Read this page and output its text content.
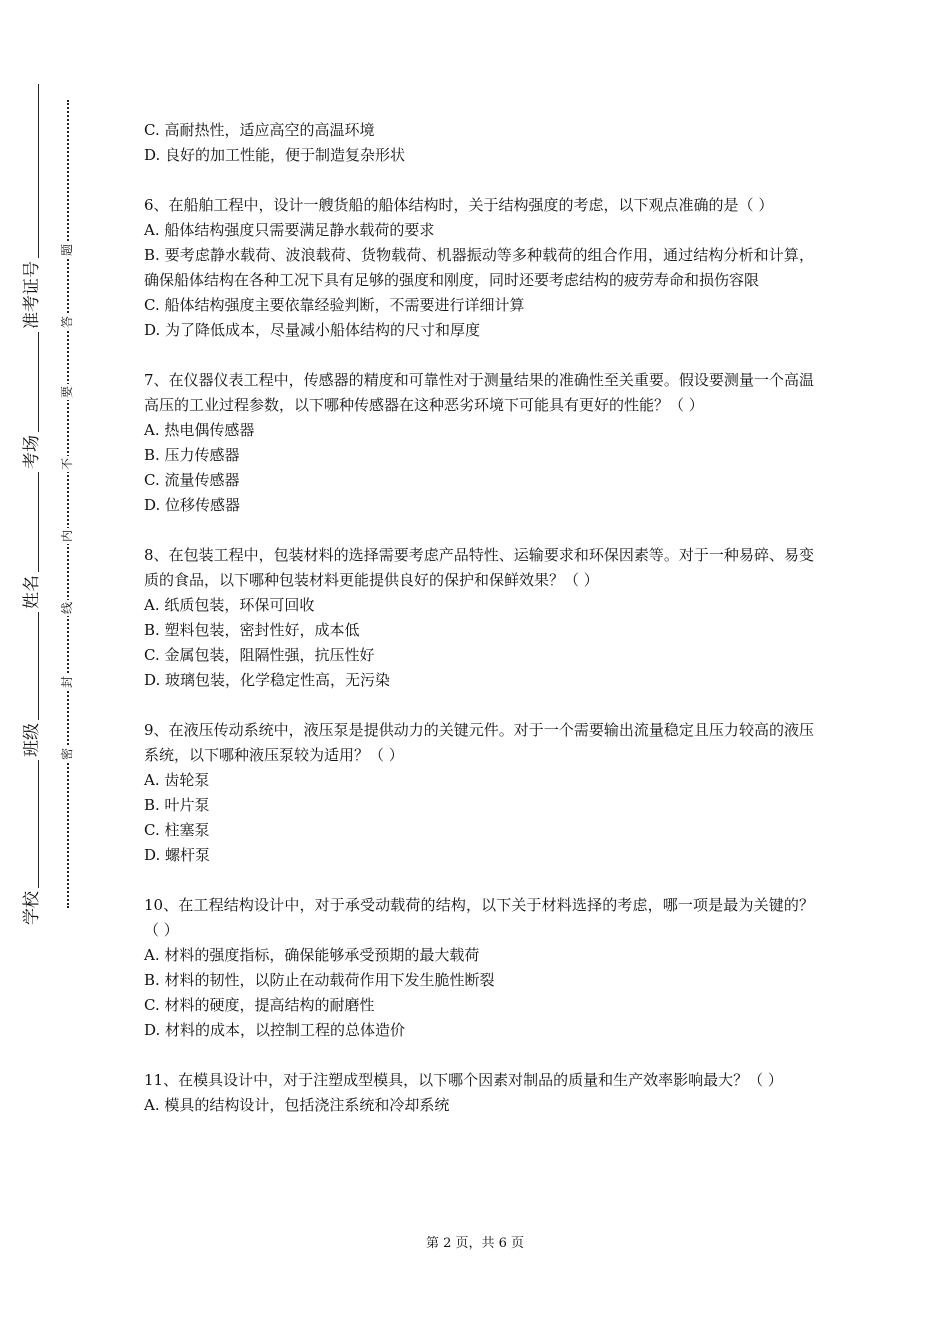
学校
班级
姓名
考场
准考证号
密
封
线
内
不
要
答
题

C. 高耐热性，适应高空的高温环境

D. 良好的加工性能，便于制造复杂形状

6、在船舶工程中，设计一艘货船的船体结构时，关于结构强度的考虑，以下观点准确的是（ ）

A. 船体结构强度只需要满足静水载荷的要求

B. 要考虑静水载荷、波浪载荷、货物载荷、机器振动等多种载荷的组合作用，通过结构分析和计算，确保船体结构在各种工况下具有足够的强度和刚度，同时还要考虑结构的疲劳寿命和损伤容限

C. 船体结构强度主要依靠经验判断，不需要进行详细计算

D. 为了降低成本，尽量减小船体结构的尺寸和厚度

7、在仪器仪表工程中，传感器的精度和可靠性对于测量结果的准确性至关重要。假设要测量一个高温高压的工业过程参数，以下哪种传感器在这种恶劣环境下可能具有更好的性能？（ ）

A. 热电偶传感器

B. 压力传感器

C. 流量传感器

D. 位移传感器

8、在包装工程中，包装材料的选择需要考虑产品特性、运输要求和环保因素等。对于一种易碎、易变质的食品，以下哪种包装材料更能提供良好的保护和保鲜效果？（ ）

A. 纸质包装，环保可回收

B. 塑料包装，密封性好，成本低

C. 金属包装，阻隔性强，抗压性好

D. 玻璃包装，化学稳定性高，无污染

9、在液压传动系统中，液压泵是提供动力的关键元件。对于一个需要输出流量稳定且压力较高的液压系统，以下哪种液压泵较为适用？（ ）

A. 齿轮泵

B. 叶片泵

C. 柱塞泵

D. 螺杆泵

10、在工程结构设计中，对于承受动载荷的结构，以下关于材料选择的考虑，哪一项是最为关键的？（ ）

A. 材料的强度指标，确保能够承受预期的最大载荷

B. 材料的韧性，以防止在动载荷作用下发生脆性断裂

C. 材料的硬度，提高结构的耐磨性

D. 材料的成本，以控制工程的总体造价

11、在模具设计中，对于注塑成型模具，以下哪个因素对制品的质量和生产效率影响最大？（ ）

A. 模具的结构设计，包括浇注系统和冷却系统

第 2 页，共 6 页
